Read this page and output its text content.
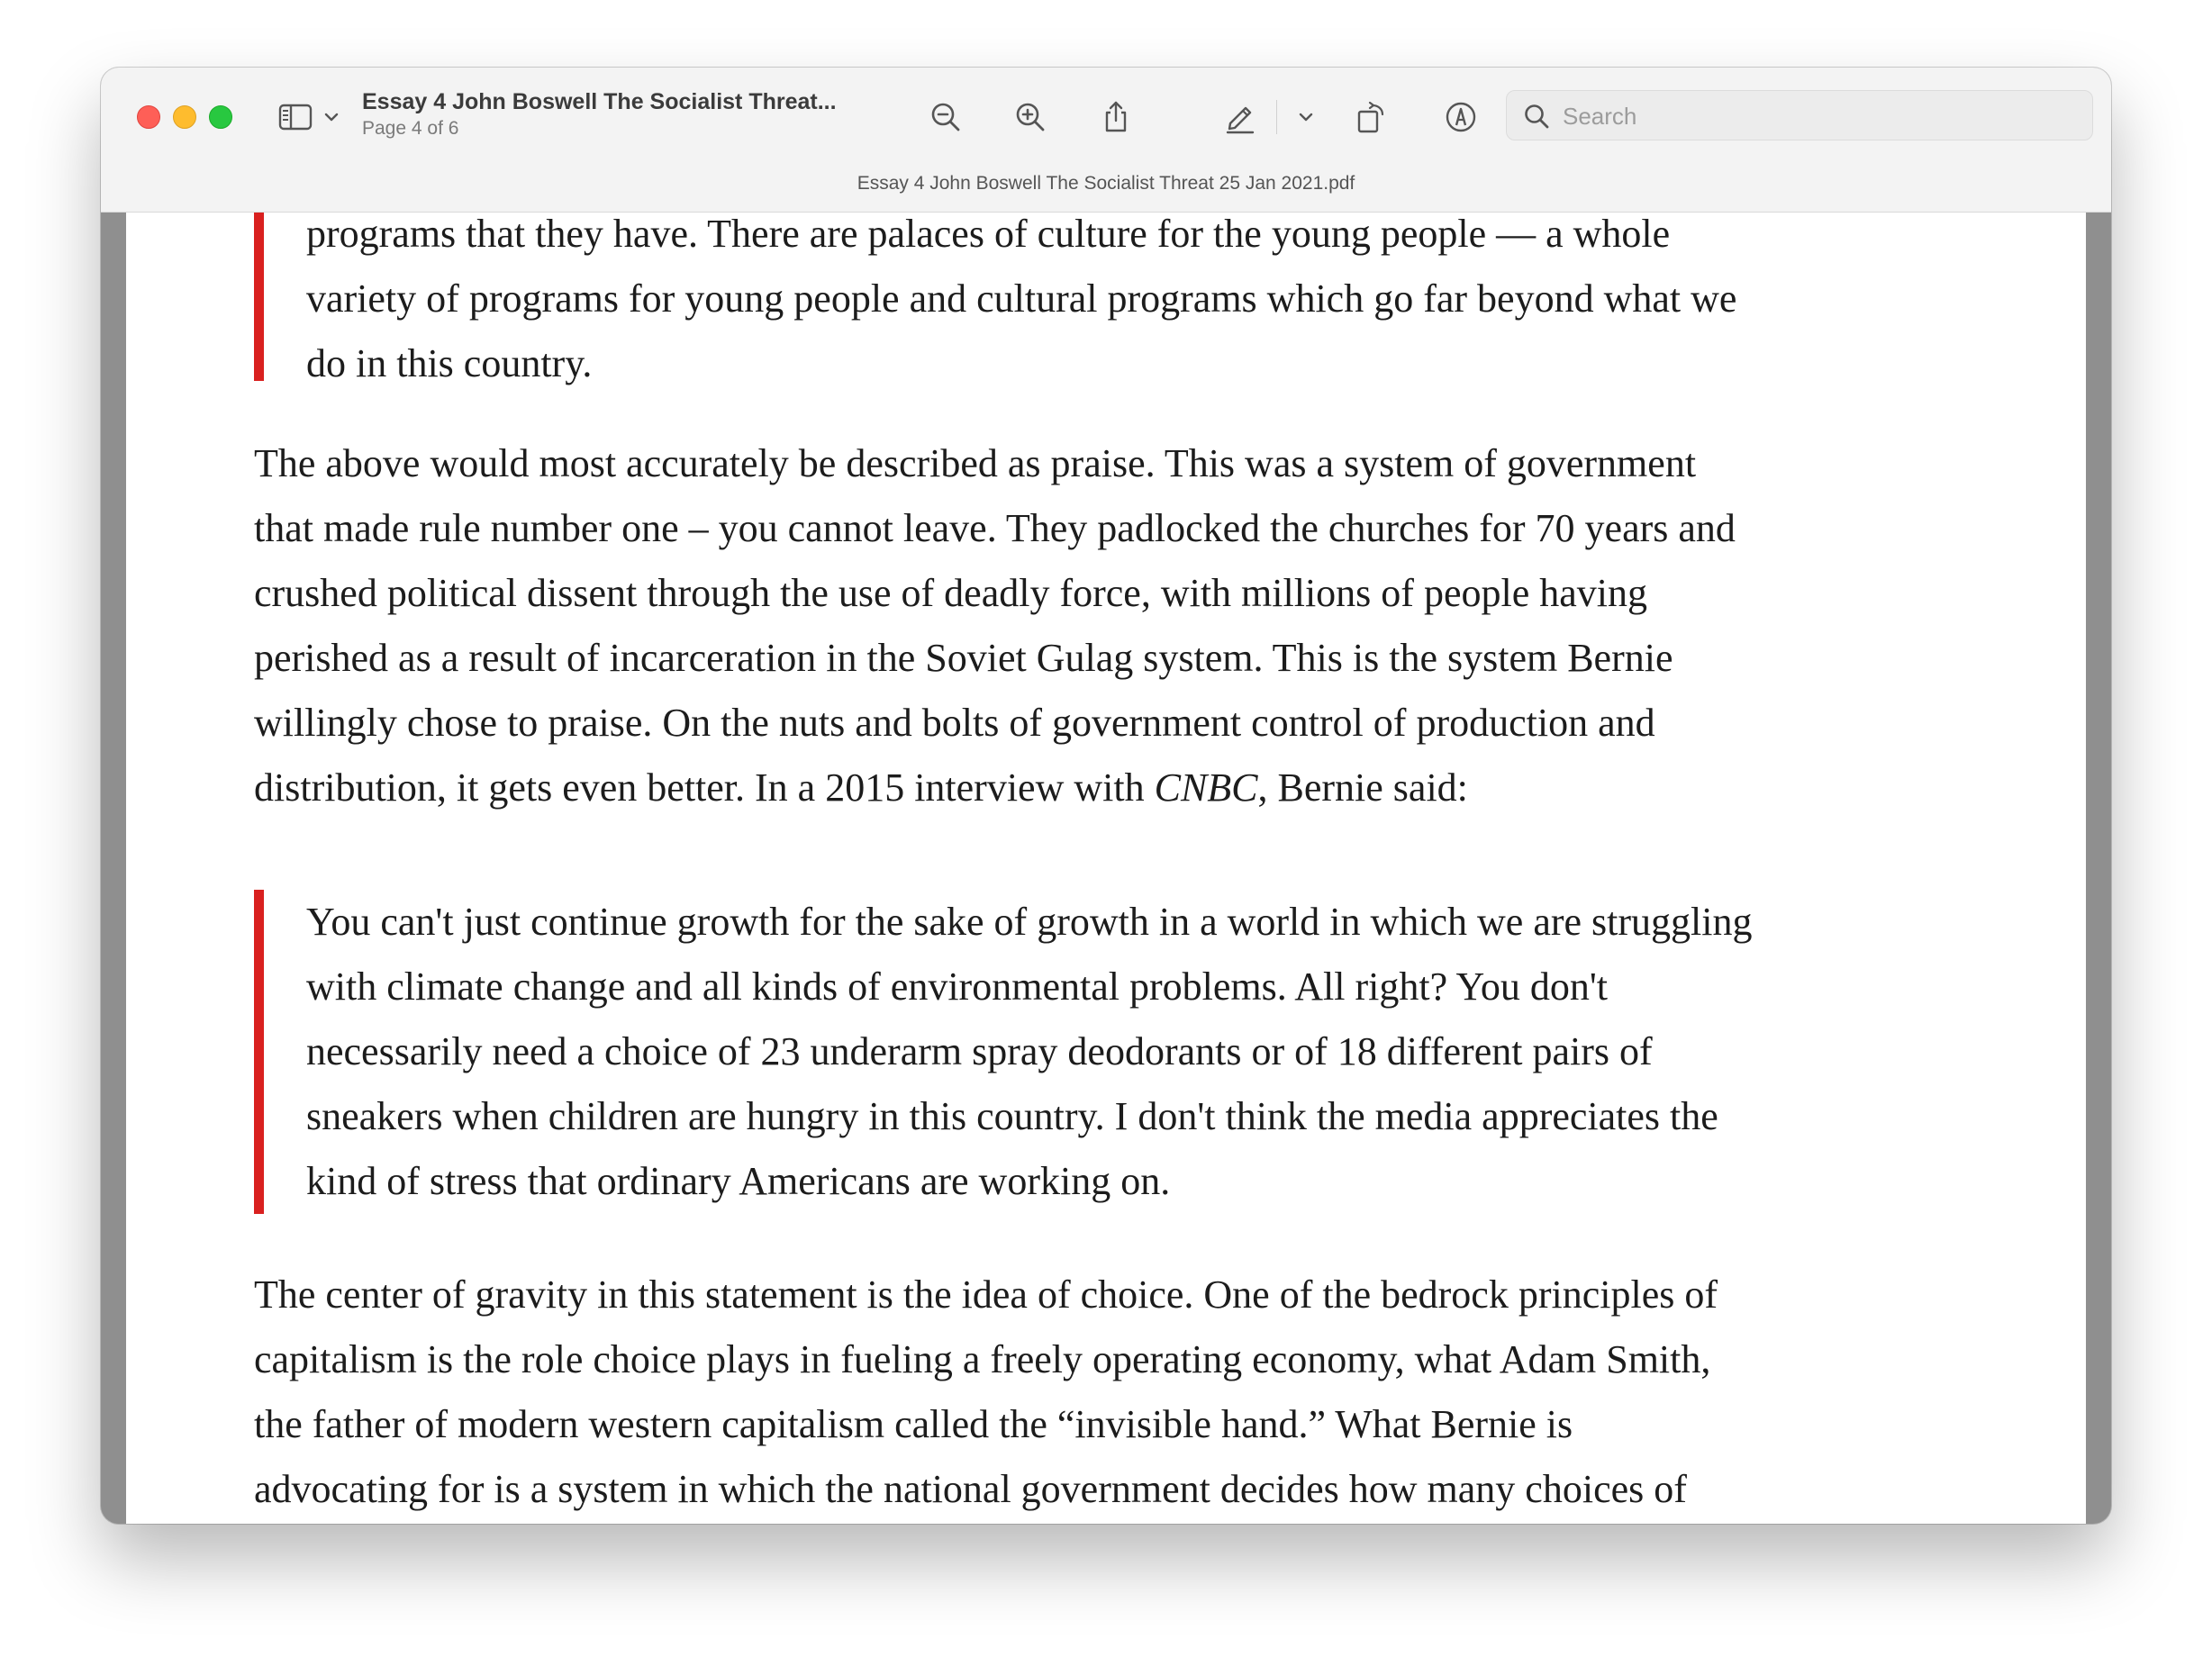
Essay 4 John Boswell The Socialist Threat...
Page 4 of 6
Search
Essay 4 John Boswell The Socialist Threat 25 Jan 2021.pdf

programs that they have. There are palaces of culture for the young people — a whole

variety of programs for young people and cultural programs which go far beyond what we

do in this country.

The above would most accurately be described as praise. This was a system of government

that made rule number one – you cannot leave. They padlocked the churches for 70 years and

crushed political dissent through the use of deadly force, with millions of people having

perished as a result of incarceration in the Soviet Gulag system. This is the system Bernie

willingly chose to praise. On the nuts and bolts of government control of production and

distribution, it gets even better. In a 2015 interview with CNBC, Bernie said:

You can't just continue growth for the sake of growth in a world in which we are struggling

with climate change and all kinds of environmental problems. All right? You don't

necessarily need a choice of 23 underarm spray deodorants or of 18 different pairs of

sneakers when children are hungry in this country. I don't think the media appreciates the

kind of stress that ordinary Americans are working on.

The center of gravity in this statement is the idea of choice. One of the bedrock principles of

capitalism is the role choice plays in fueling a freely operating economy, what Adam Smith,

the father of modern western capitalism called the “invisible hand.” What Bernie is

advocating for is a system in which the national government decides how many choices of
